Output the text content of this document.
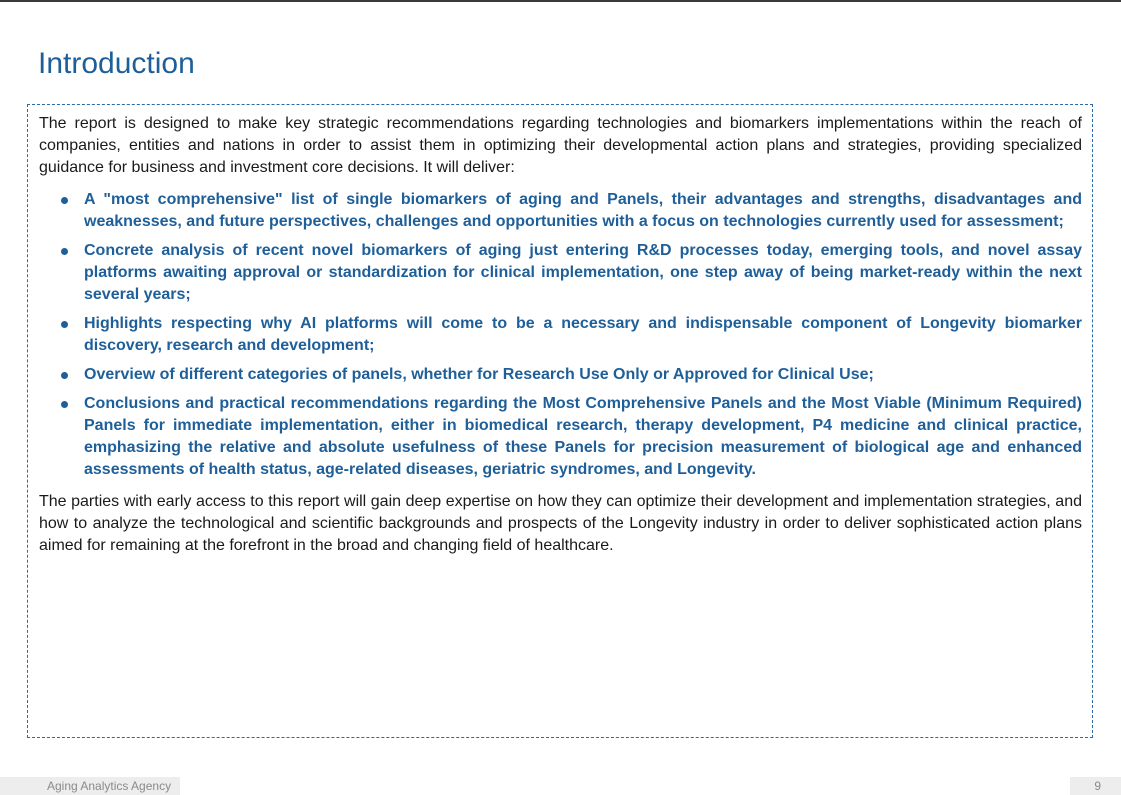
Introduction

The report is designed to make key strategic recommendations regarding technologies and biomarkers implementations within the reach of companies, entities and nations in order to assist them in optimizing their developmental action plans and strategies, providing specialized guidance for business and investment core decisions. It will deliver:

A "most comprehensive" list of single biomarkers of aging and Panels, their advantages and strengths, disadvantages and weaknesses, and future perspectives, challenges and opportunities with a focus on technologies currently used for assessment;
Concrete analysis of recent novel biomarkers of aging just entering R&D processes today, emerging tools, and novel assay platforms awaiting approval or standardization for clinical implementation, one step away of being market-ready within the next several years;
Highlights respecting why AI platforms will come to be a necessary and indispensable component of Longevity biomarker discovery, research and development;
Overview of different categories of panels, whether for Research Use Only or Approved for Clinical Use;
Conclusions and practical recommendations regarding the Most Comprehensive Panels and the Most Viable (Minimum Required) Panels for immediate implementation, either in biomedical research, therapy development, P4 medicine and clinical practice, emphasizing the relative and absolute usefulness of these Panels for precision measurement of biological age and enhanced assessments of health status, age-related diseases, geriatric syndromes, and Longevity.

The parties with early access to this report will gain deep expertise on how they can optimize their development and implementation strategies, and how to analyze the technological and scientific backgrounds and prospects of the Longevity industry in order to deliver sophisticated action plans aimed for remaining at the forefront in the broad and changing field of healthcare.

Aging Analytics Agency	9
